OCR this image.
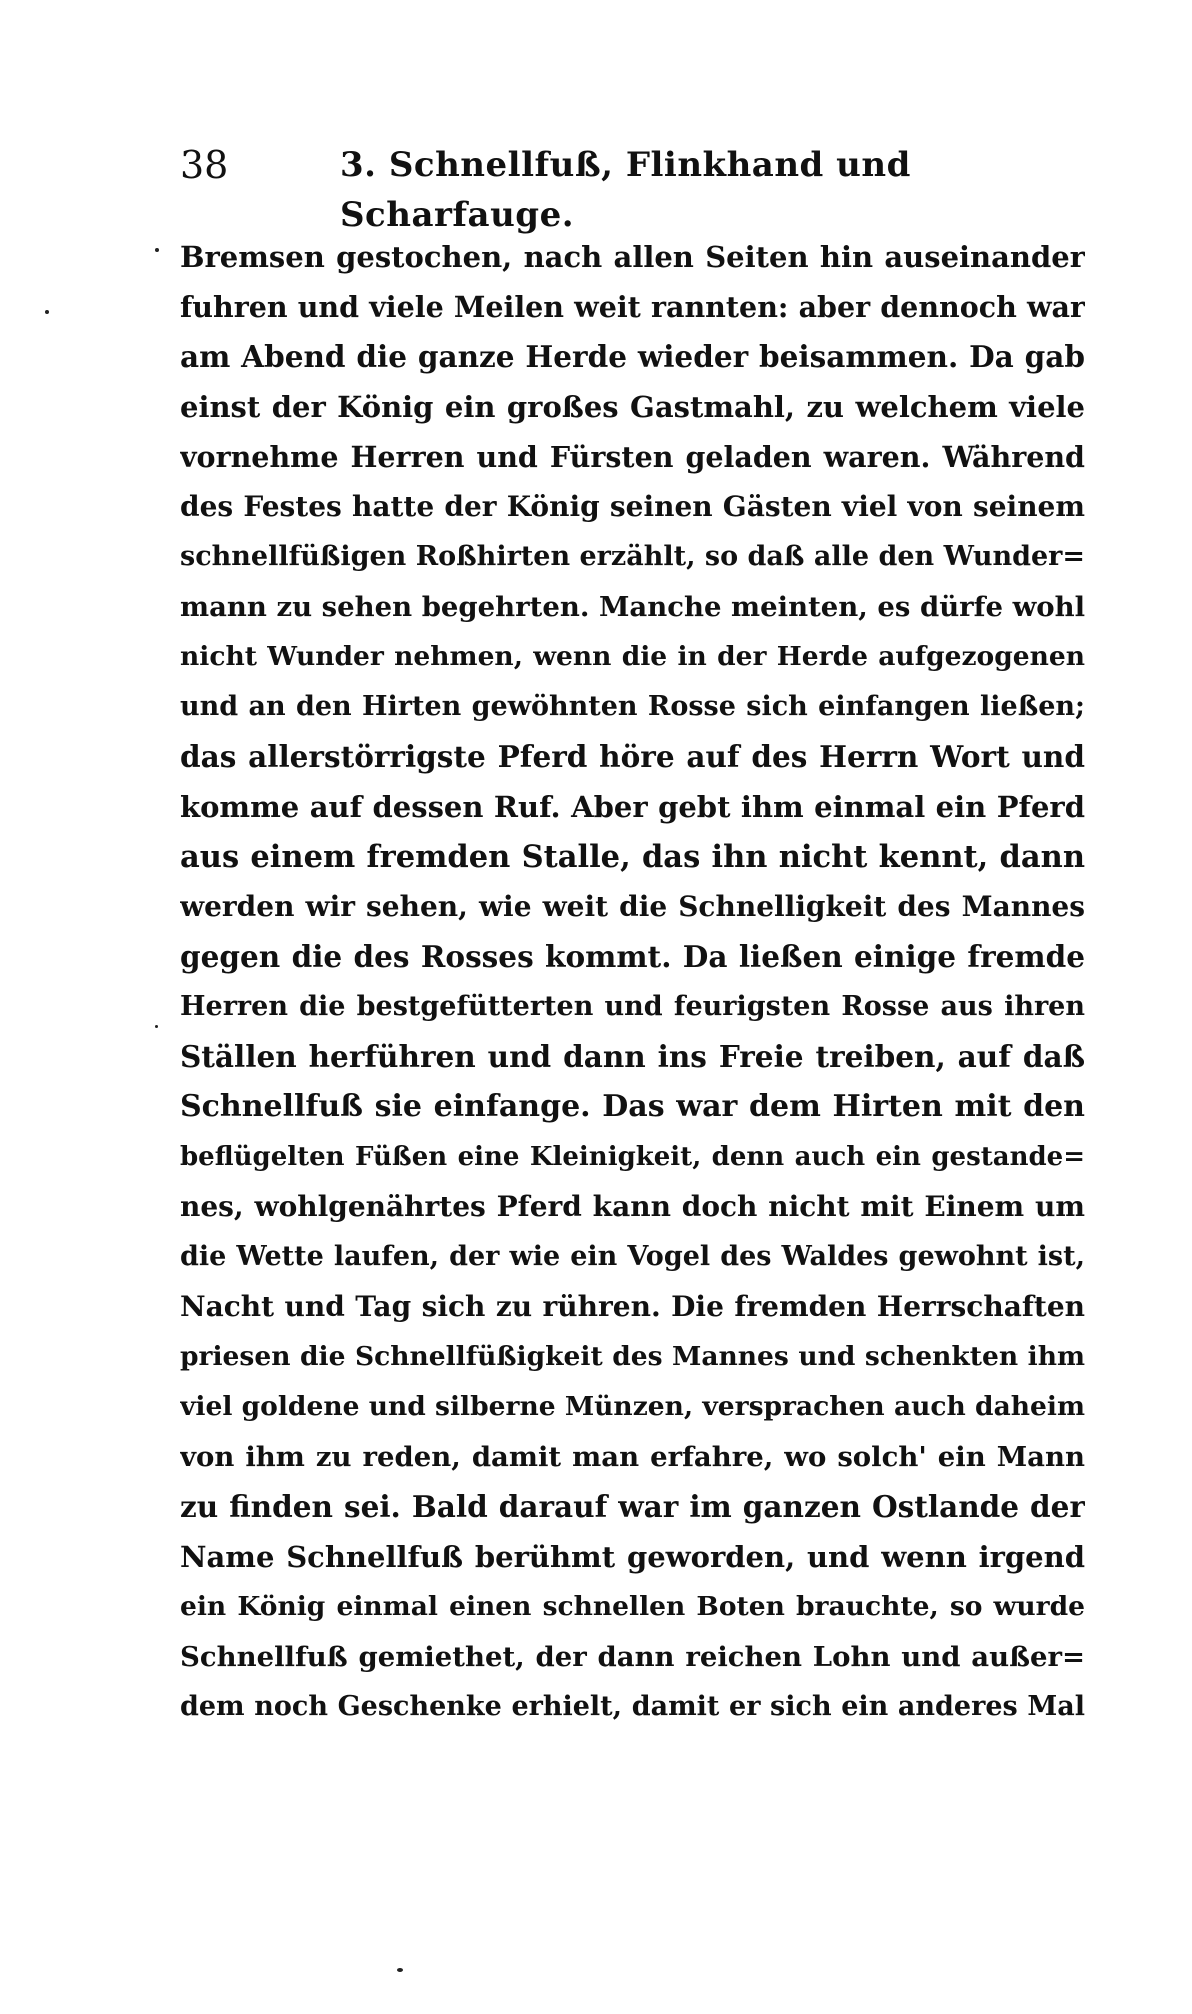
38	3. Schnellfuß, Flinkhand und Scharfauge.
Bremsen gestochen, nach allen Seiten hin auseinander
fuhren und viele Meilen weit rannten: aber dennoch war
am Abend die ganze Herde wieder beisammen. Da gab
einst der König ein großes Gastmahl, zu welchem viele
vornehme Herren und Fürsten geladen waren. Während
des Festes hatte der König seinen Gästen viel von seinem
schnellfüßigen Roßhirten erzählt, so daß alle den Wunder=
mann zu sehen begehrten. Manche meinten, es dürfe wohl
nicht Wunder nehmen, wenn die in der Herde aufgezogenen
und an den Hirten gewöhnten Rosse sich einfangen ließen;
das allerstörrigste Pferd höre auf des Herrn Wort und
komme auf dessen Ruf. Aber gebt ihm einmal ein Pferd
aus einem fremden Stalle, das ihn nicht kennt, dann
werden wir sehen, wie weit die Schnelligkeit des Mannes
gegen die des Rosses kommt. Da ließen einige fremde
Herren die bestgefütterten und feurigsten Rosse aus ihren
Ställen herführen und dann ins Freie treiben, auf daß
Schnellfuß sie einfange. Das war dem Hirten mit den
beflügelten Füßen eine Kleinigkeit, denn auch ein gestande=
nes, wohlgenährtes Pferd kann doch nicht mit Einem um
die Wette laufen, der wie ein Vogel des Waldes gewohnt ist,
Nacht und Tag sich zu rühren. Die fremden Herrschaften
priesen die Schnellfüßigkeit des Mannes und schenkten ihm
viel goldene und silberne Münzen, versprachen auch daheim
von ihm zu reden, damit man erfahre, wo solch' ein Mann
zu finden sei. Bald darauf war im ganzen Ostlande der
Name Schnellfuß berühmt geworden, und wenn irgend
ein König einmal einen schnellen Boten brauchte, so wurde
Schnellfuß gemiethet, der dann reichen Lohn und außer=
dem noch Geschenke erhielt, damit er sich ein anderes Mal
